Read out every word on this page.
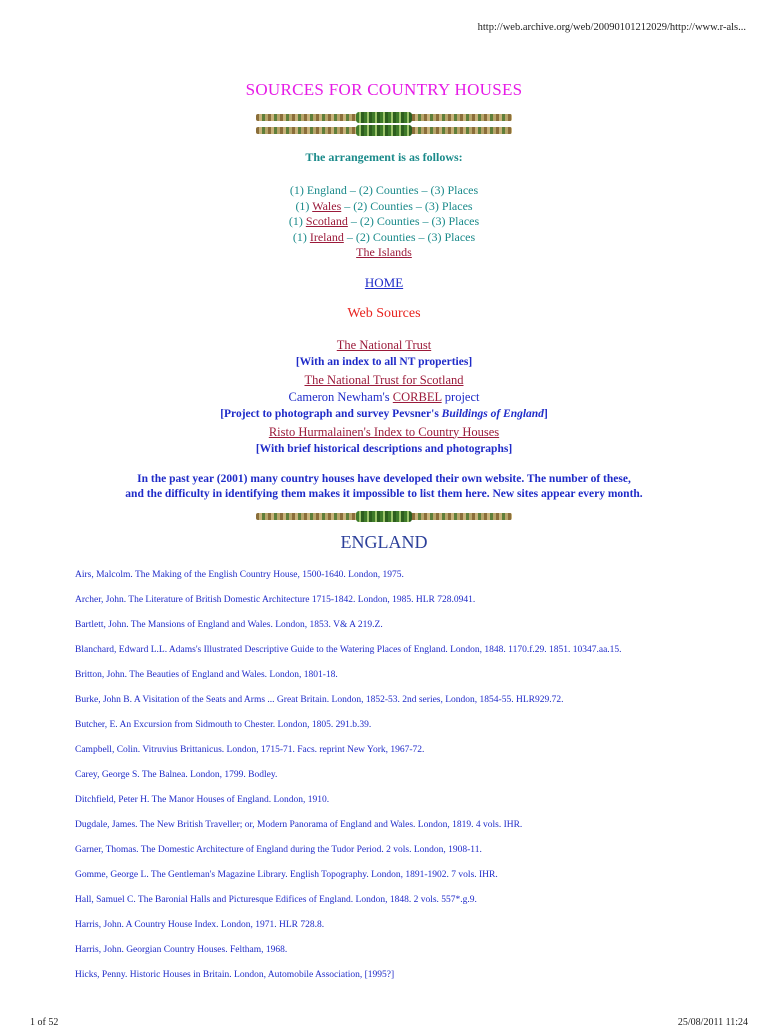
http://web.archive.org/web/20090101212029/http://www.r-als...
SOURCES FOR COUNTRY HOUSES
The arrangement is as follows:
(1) England – (2) Counties – (3) Places
(1) Wales – (2) Counties – (3) Places
(1) Scotland – (2) Counties – (3) Places
(1) Ireland – (2) Counties – (3) Places
The Islands
HOME
Web Sources
The National Trust
[With an index to all NT properties]
The National Trust for Scotland
Cameron Newham's CORBEL project
[Project to photograph and survey Pevsner's Buildings of England]
Risto Hurmalainen's Index to Country Houses
[With brief historical descriptions and photographs]
In the past year (2001) many country houses have developed their own website. The number of these,
and the difficulty in identifying them makes it impossible to list them here. New sites appear every month.
ENGLAND

Airs, Malcolm. The Making of the English Country House, 1500-1640. London, 1975.

Archer, John. The Literature of British Domestic Architecture 1715-1842. London, 1985. HLR 728.0941.

Bartlett, John. The Mansions of England and Wales. London, 1853. V& A 219.Z.

Blanchard, Edward L.L. Adams's Illustrated Descriptive Guide to the Watering Places of England. London, 1848. 1170.f.29. 1851. 10347.aa.15.

Britton, John. The Beauties of England and Wales. London, 1801-18.

Burke, John B. A Visitation of the Seats and Arms ... Great Britain. London, 1852-53. 2nd series, London, 1854-55. HLR929.72.

Butcher, E. An Excursion from Sidmouth to Chester. London, 1805. 291.b.39.

Campbell, Colin. Vitruvius Brittanicus. London, 1715-71. Facs. reprint New York, 1967-72.

Carey, George S. The Balnea. London, 1799. Bodley.

Ditchfield, Peter H. The Manor Houses of England. London, 1910.

Dugdale, James. The New British Traveller; or, Modern Panorama of England and Wales. London, 1819. 4 vols. IHR.

Garner, Thomas. The Domestic Architecture of England during the Tudor Period. 2 vols. London, 1908-11.

Gomme, George L. The Gentleman's Magazine Library. English Topography. London, 1891-1902. 7 vols. IHR.

Hall, Samuel C. The Baronial Halls and Picturesque Edifices of England. London, 1848. 2 vols. 557*.g.9.

Harris, John. A Country House Index. London, 1971. HLR 728.8.

Harris, John. Georgian Country Houses. Feltham, 1968.

Hicks, Penny. Historic Houses in Britain. London, Automobile Association, [1995?]

1 of 52	25/08/2011 11:24
